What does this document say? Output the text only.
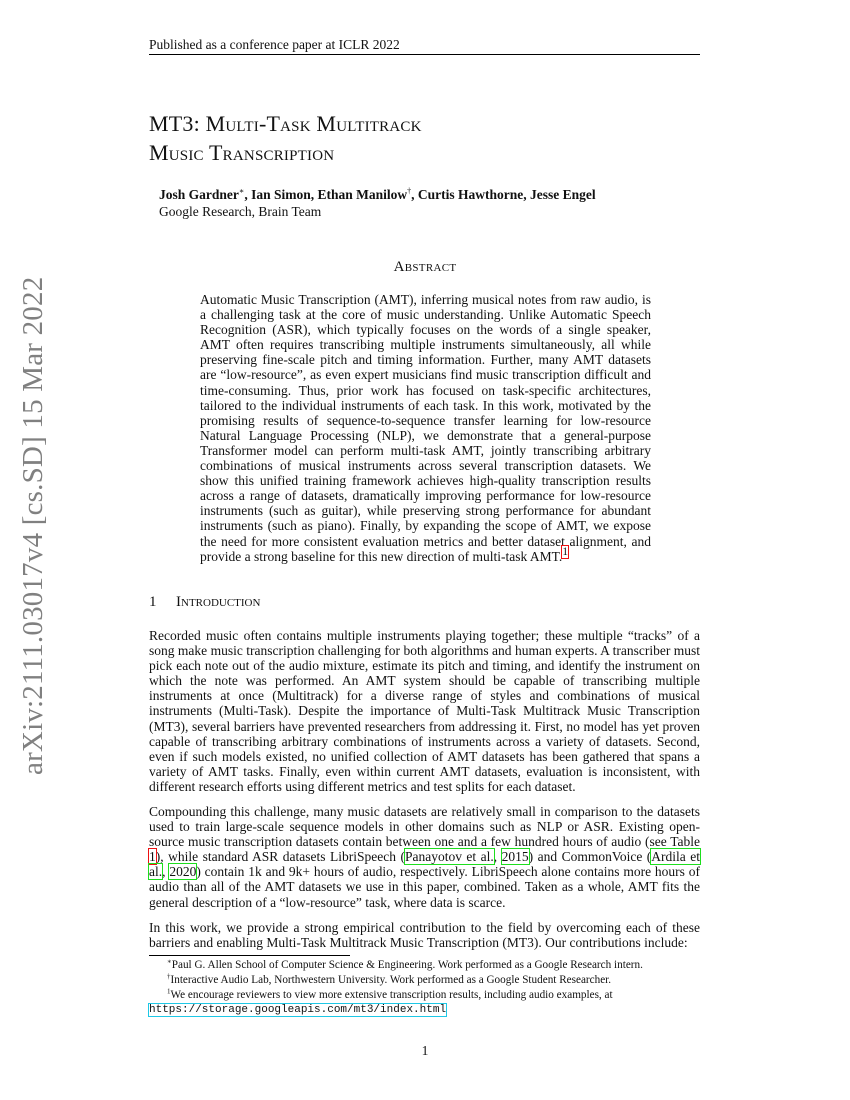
Published as a conference paper at ICLR 2022
MT3: Multi-Task Multitrack
Music Transcription
Josh Gardner∗, Ian Simon, Ethan Manilow†, Curtis Hawthorne, Jesse Engel
Google Research, Brain Team
Abstract
Automatic Music Transcription (AMT), inferring musical notes from raw audio, is a challenging task at the core of music understanding. Unlike Automatic Speech Recognition (ASR), which typically focuses on the words of a single speaker, AMT often requires transcribing multiple instruments simultaneously, all while preserving fine-scale pitch and timing information. Further, many AMT datasets are “low-resource”, as even expert musicians find music transcription difficult and time-consuming. Thus, prior work has focused on task-specific architectures, tailored to the individual instruments of each task. In this work, motivated by the promising results of sequence-to-sequence transfer learning for low-resource Natural Language Processing (NLP), we demonstrate that a general-purpose Transformer model can perform multi-task AMT, jointly transcribing arbitrary combinations of musical instruments across several transcription datasets. We show this unified training framework achieves high-quality transcription results across a range of datasets, dramatically improving performance for low-resource instruments (such as guitar), while preserving strong performance for abundant instruments (such as piano). Finally, by expanding the scope of AMT, we expose the need for more consistent evaluation metrics and better dataset alignment, and provide a strong baseline for this new direction of multi-task AMT.$^1$
arXiv:2111.03017v4 [cs.SD] 15 Mar 2022	1 Introduction
Recorded music often contains multiple instruments playing together; these multiple “tracks” of a song make music transcription challenging for both algorithms and human experts. A transcriber must pick each note out of the audio mixture, estimate its pitch and timing, and identify the instrument on which the note was performed. An AMT system should be capable of transcribing multiple instruments at once (Multitrack) for a diverse range of styles and combinations of musical instruments (Multi-Task). Despite the importance of Multi-Task Multitrack Music Transcription (MT3), several barriers have prevented researchers from addressing it. First, no model has yet proven capable of transcribing arbitrary combinations of instruments across a variety of datasets. Second, even if such models existed, no unified collection of AMT datasets has been gathered that spans a variety of AMT tasks. Finally, even within current AMT datasets, evaluation is inconsistent, with different research efforts using different metrics and test splits for each dataset.
Compounding this challenge, many music datasets are relatively small in comparison to the datasets used to train large-scale sequence models in other domains such as NLP or ASR. Existing open-source music transcription datasets contain between one and a few hundred hours of audio (see Table 1), while standard ASR datasets LibriSpeech (Panayotov et al., 2015) and CommonVoice (Ardila et al., 2020) contain 1k and 9k+ hours of audio, respectively. LibriSpeech alone contains more hours of audio than all of the AMT datasets we use in this paper, combined. Taken as a whole, AMT fits the general description of a “low-resource” task, where data is scarce.
In this work, we provide a strong empirical contribution to the field by overcoming each of these barriers and enabling Multi-Task Multitrack Music Transcription (MT3). Our contributions include:
∗Paul G. Allen School of Computer Science & Engineering. Work performed as a Google Research intern.
†Interactive Audio Lab, Northwestern University. Work performed as a Google Student Researcher.
$^1$We encourage reviewers to view more extensive transcription results, including audio examples, at
https://storage.googleapis.com/mt3/index.html
1
